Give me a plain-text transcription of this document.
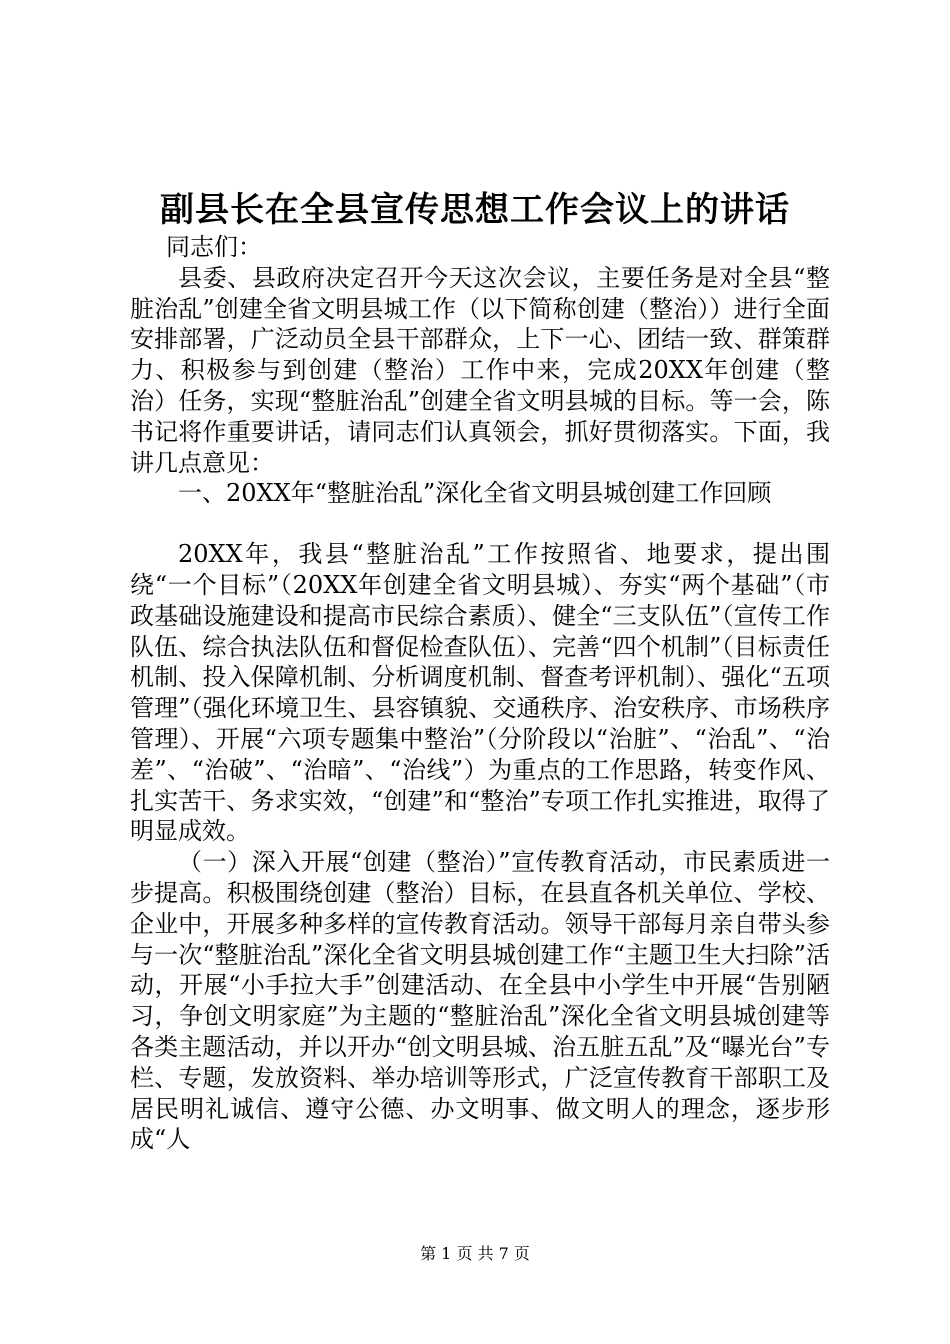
副县长在全县宣传思想工作会议上的讲话

同志们：

县委、县政府决定召开今天这次会议，主要任务是对全县“整脏治乱”创建全省文明县城工作（以下简称创建（整治））进行全面安排部署，广泛动员全县干部群众，上下一心、团结一致、群策群力、积极参与到创建（整治）工作中来，完成20XX年创建（整治）任务，实现“整脏治乱”创建全省文明县城的目标。等一会，陈书记将作重要讲话，请同志们认真领会，抓好贯彻落实。下面，我讲几点意见：

一、20XX年“整脏治乱”深化全省文明县城创建工作回顾

20XX年，我县“整脏治乱”工作按照省、地要求，提出围绕“一个目标”（20XX年创建全省文明县城）、夯实“两个基础”（市政基础设施建设和提高市民综合素质）、健全“三支队伍”（宣传工作队伍、综合执法队伍和督促检查队伍）、完善“四个机制”（目标责任机制、投入保障机制、分析调度机制、督查考评机制）、强化“五项管理”（强化环境卫生、县容镇貌、交通秩序、治安秩序、市场秩序管理）、开展“六项专题集中整治”（分阶段以“治脏”、“治乱”、“治差”、“治破”、“治暗”、“治线”）为重点的工作思路，转变作风、扎实苦干、务求实效，“创建”和“整治”专项工作扎实推进，取得了明显成效。

（一）深入开展“创建（整治）”宣传教育活动，市民素质进一步提高。积极围绕创建（整治）目标，在县直各机关单位、学校、企业中，开展多种多样的宣传教育活动。领导干部每月亲自带头参与一次“整脏治乱”深化全省文明县城创建工作“主题卫生大扫除”活动，开展“小手拉大手”创建活动、在全县中小学生中开展“告别陋习，争创文明家庭”为主题的“整脏治乱”深化全省文明县城创建等各类主题活动，并以开办“创文明县城、治五脏五乱”及“曝光台”专栏、专题，发放资料、举办培训等形式，广泛宣传教育干部职工及居民明礼诚信、遵守公德、办文明事、做文明人的理念，逐步形成“人

第 1 页 共 7 页
